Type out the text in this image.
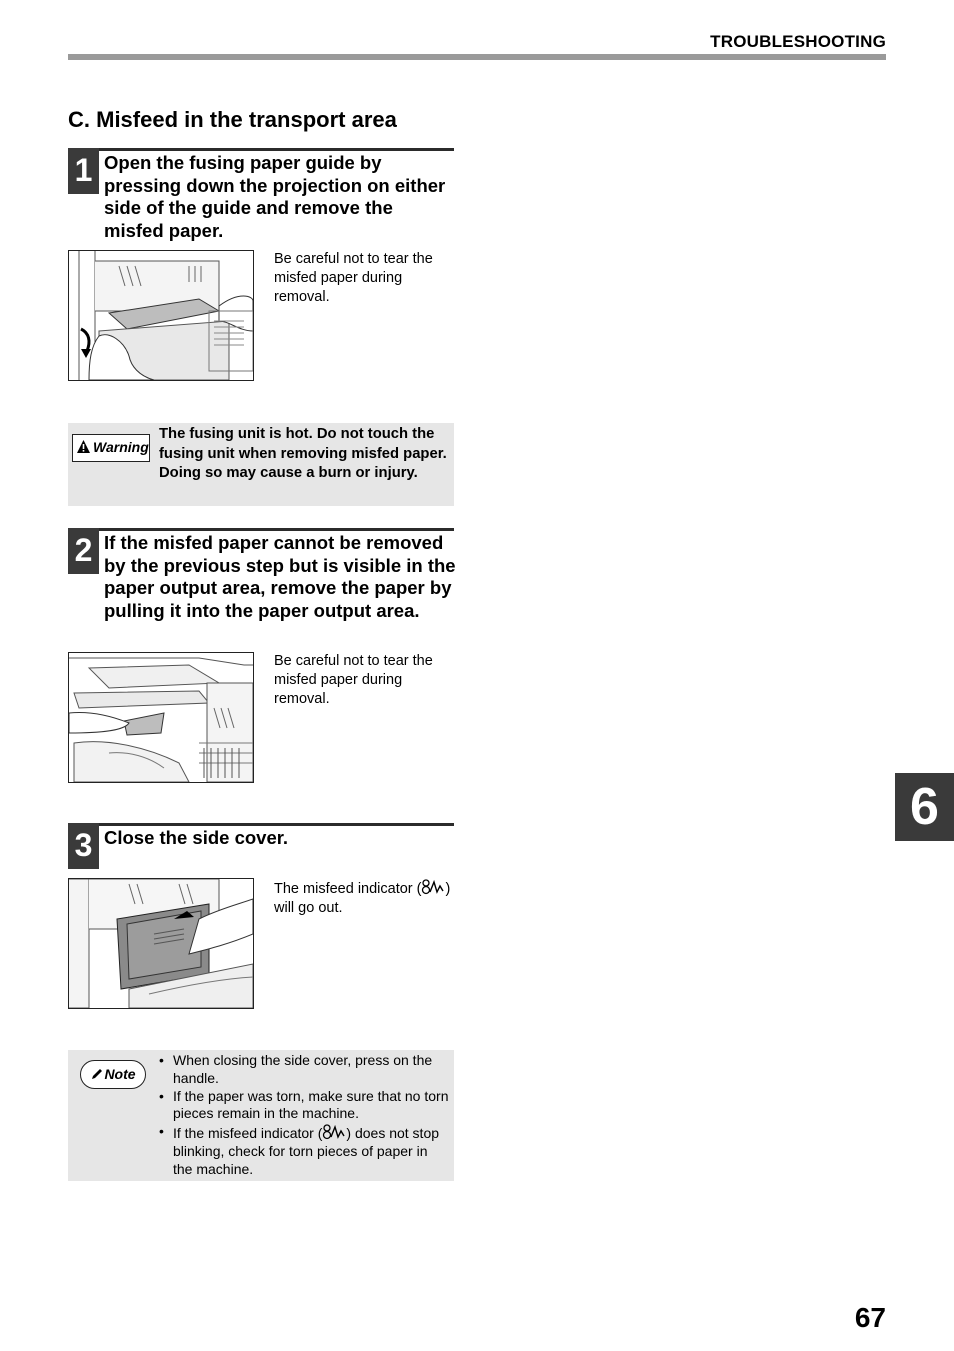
TROUBLESHOOTING
C. Misfeed in the transport area
1 Open the fusing paper guide by pressing down the projection on either side of the guide and remove the misfed paper.
Be careful not to tear the misfed paper during removal.
Warning
The fusing unit is hot. Do not touch the fusing unit when removing misfed paper. Doing so may cause a burn or injury.
2 If the misfed paper cannot be removed by the previous step but is visible in the paper output area, remove the paper by pulling it into the paper output area.
Be careful not to tear the misfed paper during removal.
3 Close the side cover.
The misfeed indicator ( ) will go out.
Note
• When closing the side cover, press on the handle.
• If the paper was torn, make sure that no torn pieces remain in the machine.
• If the misfeed indicator ( ) does not stop blinking, check for torn pieces of paper in the machine.
6
67
